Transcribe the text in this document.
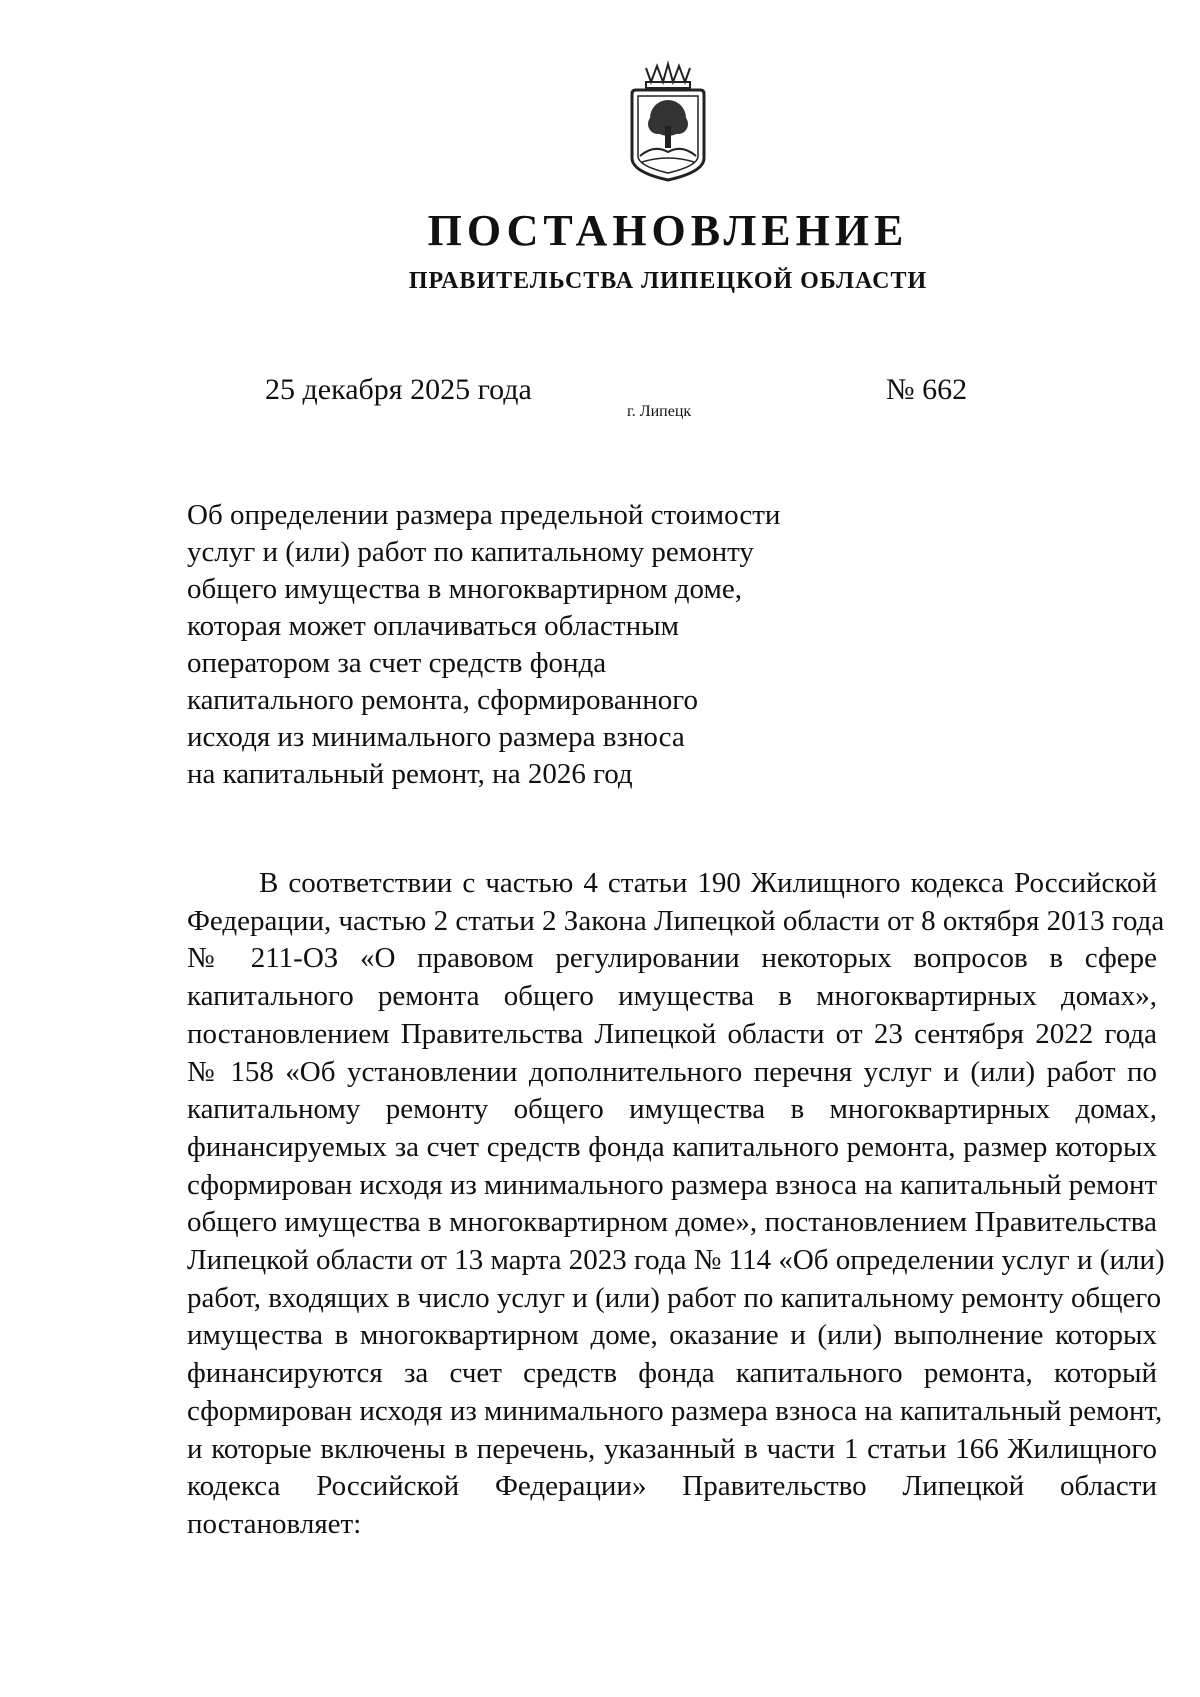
ПОСТАНОВЛЕНИЕ
ПРАВИТЕЛЬСТВА ЛИПЕЦКОЙ ОБЛАСТИ
25 декабря 2025 года
г. Липецк
№ 662
Об определении размера предельной стоимости
услуг и (или) работ по капитальному ремонту
общего имущества в многоквартирном доме,
которая может оплачиваться областным
оператором за счет средств фонда
капитального ремонта, сформированного
исходя из минимального размера взноса
на капитальный ремонт, на 2026 год
В соответствии с частью 4 статьи 190 Жилищного кодекса Российской
Федерации, частью 2 статьи 2 Закона Липецкой области от 8 октября 2013 года
№ 211-ОЗ «О правовом регулировании некоторых вопросов в сфере
капитального ремонта общего имущества в многоквартирных домах»,
постановлением Правительства Липецкой области от 23 сентября 2022 года
№ 158 «Об установлении дополнительного перечня услуг и (или) работ по
капитальному ремонту общего имущества в многоквартирных домах,
финансируемых за счет средств фонда капитального ремонта, размер которых
сформирован исходя из минимального размера взноса на капитальный ремонт
общего имущества в многоквартирном доме», постановлением Правительства
Липецкой области от 13 марта 2023 года № 114 «Об определении услуг и (или)
работ, входящих в число услуг и (или) работ по капитальному ремонту общего
имущества в многоквартирном доме, оказание и (или) выполнение которых
финансируются за счет средств фонда капитального ремонта, который
сформирован исходя из минимального размера взноса на капитальный ремонт,
и которые включены в перечень, указанный в части 1 статьи 166 Жилищного
кодекса Российской Федерации» Правительство Липецкой области
постановляет:
